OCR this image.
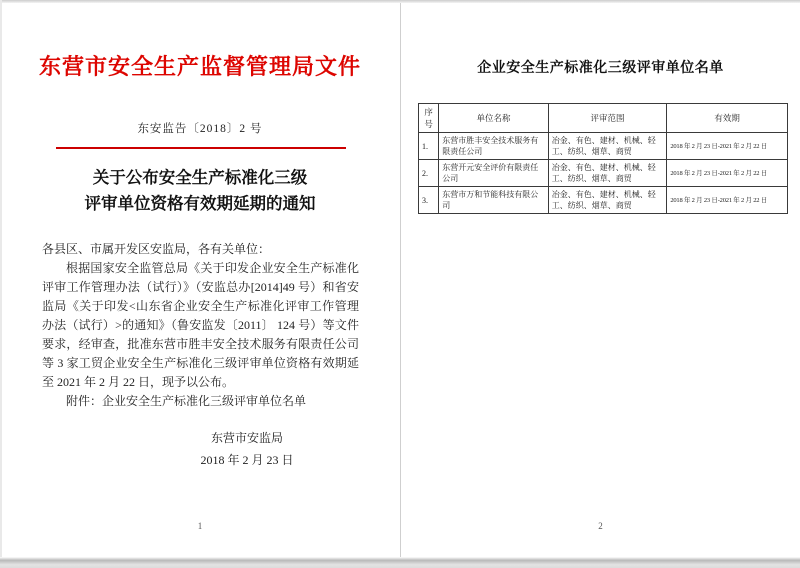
东营市安全生产监督管理局文件
东安监告〔2018〕2 号
关于公布安全生产标准化三级
评审单位资格有效期延期的通知

各县区、市属开发区安监局，各有关单位：

根据国家安全监管总局《关于印发企业安全生产标准化评审工作管理办法（试行）》（安监总办[2014]49 号）和省安监局《关于印发<山东省企业安全生产标准化评审工作管理办法（试行）>的通知》（鲁安监发〔2011〕 124 号）等文件要求，经审查，批准东营市胜丰安全技术服务有限责任公司等 3 家工贸企业安全生产标准化三级评审单位资格有效期延至 2021 年 2 月 22 日，现予以公布。

附件：企业安全生产标准化三级评审单位名单

东营市安监局
2018 年 2 月 23 日
1
企业安全生产标准化三级评审单位名单
序号	单位名称	评审范围	有效期
1.	东营市胜丰安全技术服务有限责任公司	冶金、有色、建材、机械、轻工、纺织、烟草、商贸	2018 年 2 月 23 日-2021 年 2 月 22 日
2.	东营开元安全评价有限责任公司	冶金、有色、建材、机械、轻工、纺织、烟草、商贸	2018 年 2 月 23 日-2021 年 2 月 22 日
3.	东营市万和节能科技有限公司	冶金、有色、建材、机械、轻工、纺织、烟草、商贸	2018 年 2 月 23 日-2021 年 2 月 22 日
2
